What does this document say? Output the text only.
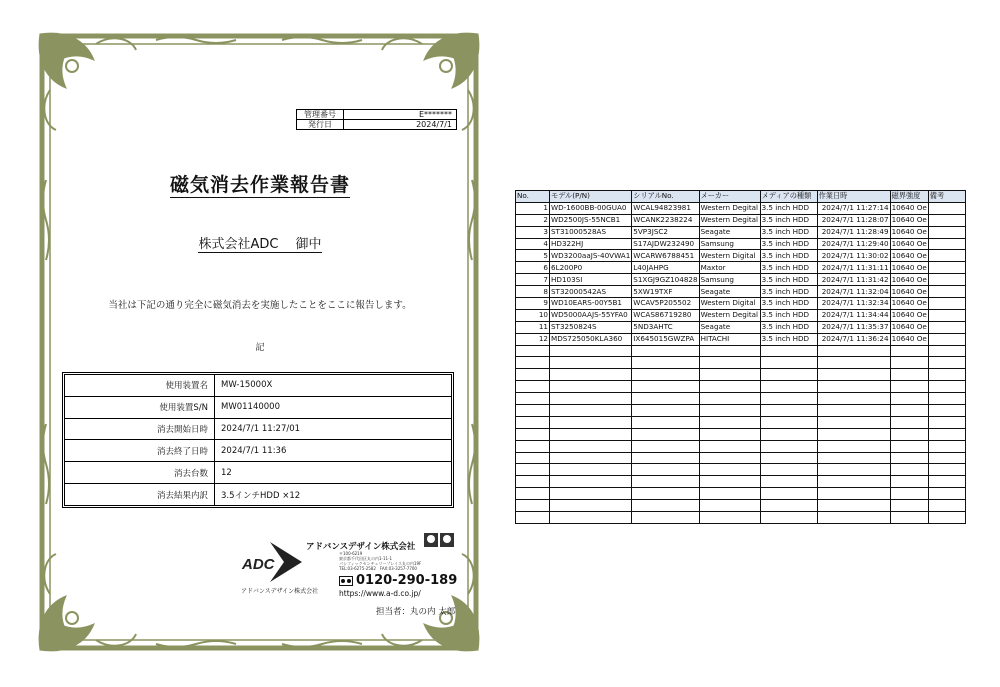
管理番号	E*******
発行日	2024/7/1
磁気消去作業報告書
株式会社ADC　 御中
当社は下記の通り完全に磁気消去を実施したことをここに報告します。
記
使用装置名	MW-15000X
使用装置S/N	MW01140000
消去開始日時	2024/7/1 11:27/01
消去終了日時	2024/7/1 11:36
消去台数	12
消去結果内訳	3.5インチHDD ×12
ADC
アドバンスデザイン株式会社
アドバンスデザイン株式会社
〒100-6219
東京都千代田区丸の内1-11-1
パシフィックセンチュリープレイス丸の内19F
TEL:03-6275-2582　FAX:03-3257-7700
0120-290-189
https://www.a-d.co.jp/
担当者：丸の内 太郎
No.	モデル(P/N)	シリアルNo.	メーカー	メディアの種類	作業日時	磁界強度	備考
1	WD-1600BB-00GUA0	WCAL94823981	Western Degital	3.5 inch HDD	2024/7/1 11:27:14	10640 Oe	
2	WD2500JS-55NCB1	WCANK2238224	Western Degital	3.5 inch HDD	2024/7/1 11:28:07	10640 Oe	
3	ST31000528AS	5VP3JSC2	Seagate	3.5 inch HDD	2024/7/1 11:28:49	10640 Oe	
4	HD322HJ	S17AJDW232490	Samsung	3.5 inch HDD	2024/7/1 11:29:40	10640 Oe	
5	WD3200aaJS-40VWA1	WCARW6788451	Western Digital	3.5 inch HDD	2024/7/1 11:30:02	10640 Oe	
6	6L200P0	L40JAHPG	Maxtor	3.5 inch HDD	2024/7/1 11:31:11	10640 Oe	
7	HD103SI	S1XGJ9GZ104828	Samsung	3.5 inch HDD	2024/7/1 11:31:42	10640 Oe	
8	ST32000542AS	5XW19TXF	Seagate	3.5 inch HDD	2024/7/1 11:32:04	10640 Oe	
9	WD10EARS-00Y5B1	WCAV5P205502	Western Digital	3.5 inch HDD	2024/7/1 11:32:34	10640 Oe	
10	WD5000AAJS-55YFA0	WCAS86719280	Western Degital	3.5 inch HDD	2024/7/1 11:34:44	10640 Oe	
11	ST3250824S	5ND3AHTC	Seagate	3.5 inch HDD	2024/7/1 11:35:37	10640 Oe	
12	MDS725050KLA360	IX645015GWZPA	HITACHI	3.5 inch HDD	2024/7/1 11:36:24	10640 Oe	
